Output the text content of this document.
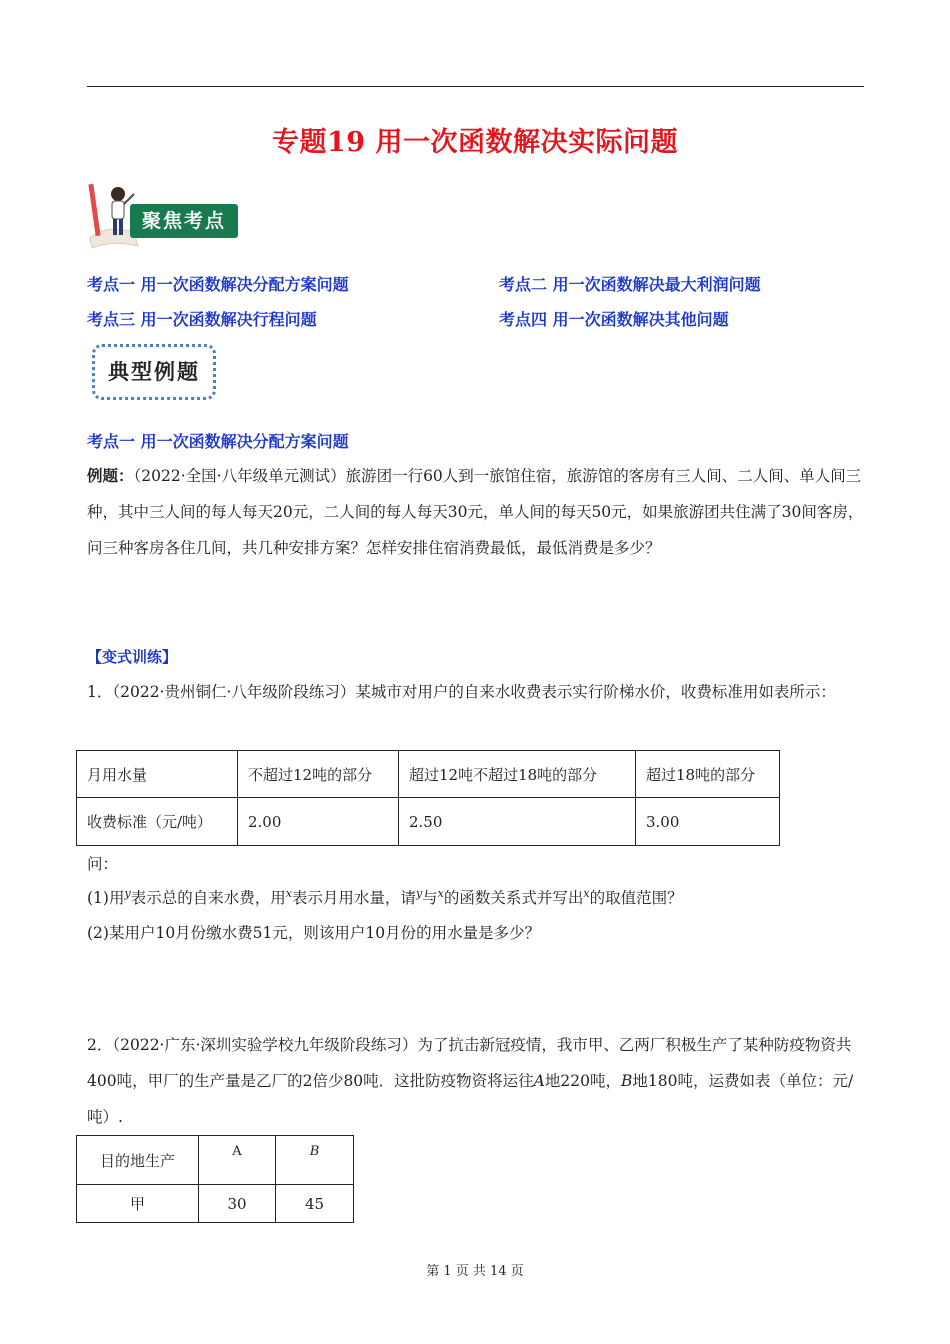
专题19 用一次函数解决实际问题
聚焦考点
考点一 用一次函数解决分配方案问题	考点二 用一次函数解决最大利润问题
考点三 用一次函数解决行程问题	考点四 用一次函数解决其他问题
典型例题
考点一 用一次函数解决分配方案问题
例题：（2022·全国·八年级单元测试）旅游团一行60人到一旅馆住宿，旅游馆的客房有三人间、二人间、单人间三种，其中三人间的每人每天20元，二人间的每人每天30元，单人间的每天50元，如果旅游团共住满了30间客房，问三种客房各住几间，共几种安排方案？怎样安排住宿消费最低，最低消费是多少？
【变式训练】
1．（2022·贵州铜仁·八年级阶段练习）某城市对用户的自来水收费表示实行阶梯水价，收费标准用如表所示：
月用水量	不超过12吨的部分	超过12吨不超过18吨的部分	超过18吨的部分
收费标准（元/吨）	2.00	2.50	3.00
问：
(1)用$^y$表示总的自来水费，用$^x$表示月用水量，请$^y$与$^x$的函数关系式并写出$^x$的取值范围？
(2)某用户10月份缴水费51元，则该用户10月份的用水量是多少？
2．（2022·广东·深圳实验学校九年级阶段练习）为了抗击新冠疫情，我市甲、乙两厂积极生产了某种防疫物资共400吨，甲厂的生产量是乙厂的2倍少80吨．这批防疫物资将运往A地220吨，B地180吨，运费如表（单位：元/吨）.
目的地生产	A	B
甲	30	45
第 1 页 共 14 页
